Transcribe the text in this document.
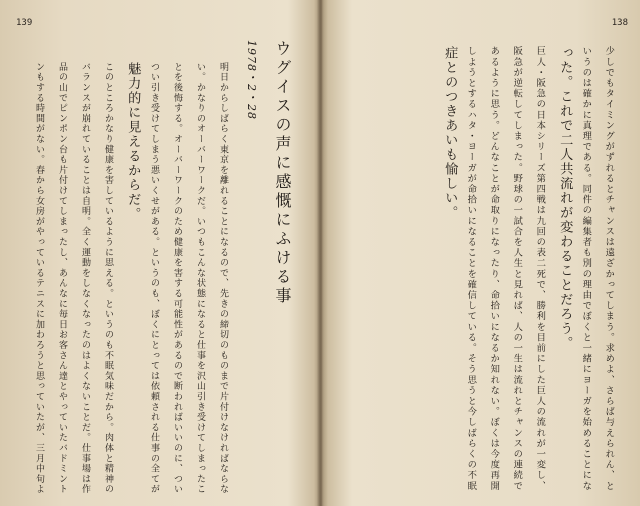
139
ウグイスの声に感慨にふける事
1978・2・28
明日からしばらく東京を離れることになるので、先きの締切のものまで片付けなければならな
い。かなりのオーバーワークだ。いつもこんな状態になると仕事を沢山引き受けてしまったこ
とを後悔する。オーバーワークのため健康を害する可能性があるので断わればいいのに、つい
つい引き受けてしまう悪いくせがある。というのも、ぼくにとっては依頼される仕事の全てが
魅力的に見えるからだ。
このところかなり健康を害しているように思える。というのも不眠気味だから。肉体と精神の
バランスが崩れていることは自明。全く運動をしなくなったのはよくないことだ。仕事場は作
品の山でピンポン台も片付けてしまったし、あんなに毎日お客さん達とやっていたバドミント
ンもする時間がない。春から女房がやっているテニスに加わろうと思っていたが、三月中旬よ
138
少しでもタイミングがずれるとチャンスは遠ざかってしまう。求めよ、さらば与えられん、と
いうのは確かに真理である。同件の編集者も別の理由でぼくと一緒にヨーガを始めることにな
った。これで二人共流れが変わることだろう。
巨人・阪急の日本シリーズ第四戦は九回の表二死で、勝利を目前にした巨人の流れが一変し、
阪急が逆転してしまった。野球の一試合を人生と見れば、人の一生は流れとチャンスの連続で
あるように思う。どんなことが命取りになったり、命拾いになるか知れない。ぼくは今度再開
しようとするハタ・ヨーガが命拾いになることを確信している。そう思うと今しばらくの不眠
症とのつきあいも愉しい。
